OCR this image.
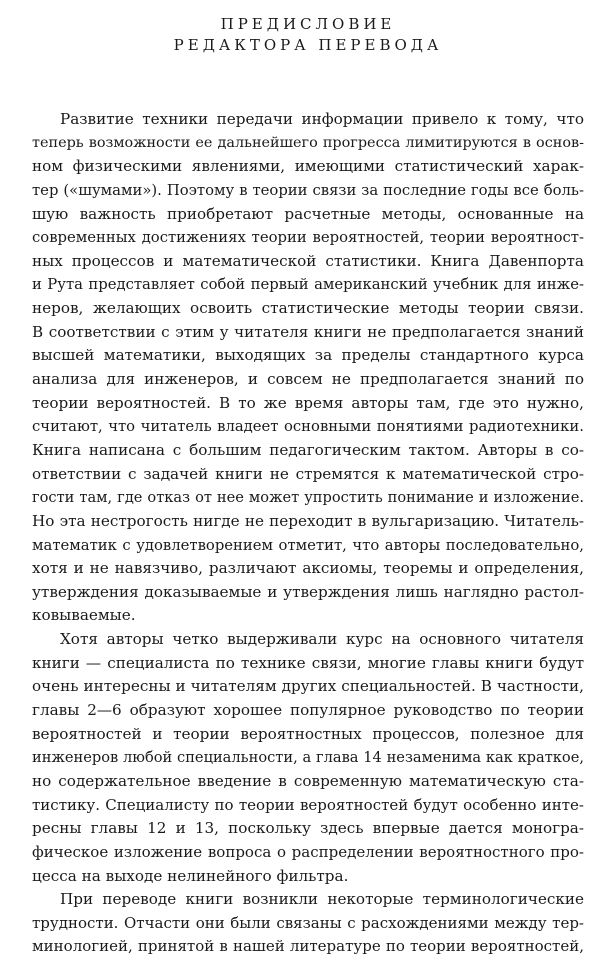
ПРЕДИСЛОВИЕ
РЕДАКТОРА ПЕРЕВОДА
Развитие техники передачи информации привело к тому, что
теперь возможности ее дальнейшего прогресса лимитируются в основ-
ном физическими явлениями, имеющими статистический харак-
тер («шумами»). Поэтому в теории связи за последние годы все боль-
шую важность приобретают расчетные методы, основанные на
современных достижениях теории вероятностей, теории вероятност-
ных процессов и математической статистики. Книга Давенпорта
и Рута представляет собой первый американский учебник для инже-
неров, желающих освоить статистические методы теории связи.
В соответствии с этим у читателя книги не предполагается знаний
высшей математики, выходящих за пределы стандартного курса
анализа для инженеров, и совсем не предполагается знаний по
теории вероятностей. В то же время авторы там, где это нужно,
считают, что читатель владеет основными понятиями радиотехники.
Книга написана с большим педагогическим тактом. Авторы в со-
ответствии с задачей книги не стремятся к математической стро-
гости там, где отказ от нее может упростить понимание и изложение.
Но эта нестрогость нигде не переходит в вульгаризацию. Читатель-
математик с удовлетворением отметит, что авторы последовательно,
хотя и не навязчиво, различают аксиомы, теоремы и определения,
утверждения доказываемые и утверждения лишь наглядно растол-
ковываемые.
Хотя авторы четко выдерживали курс на основного читателя
книги — специалиста по технике связи, многие главы книги будут
очень интересны и читателям других специальностей. В частности,
главы 2—6 образуют хорошее популярное руководство по теории
вероятностей и теории вероятностных процессов, полезное для
инженеров любой специальности, а глава 14 незаменима как краткое,
но содержательное введение в современную математическую ста-
тистику. Специалисту по теории вероятностей будут особенно инте-
ресны главы 12 и 13, поскольку здесь впервые дается моногра-
фическое изложение вопроса о распределении вероятностного про-
цесса на выходе нелинейного фильтра.
При переводе книги возникли некоторые терминологические
трудности. Отчасти они были связаны с расхождениями между тер-
минологией, принятой в нашей литературе по теории вероятностей,
